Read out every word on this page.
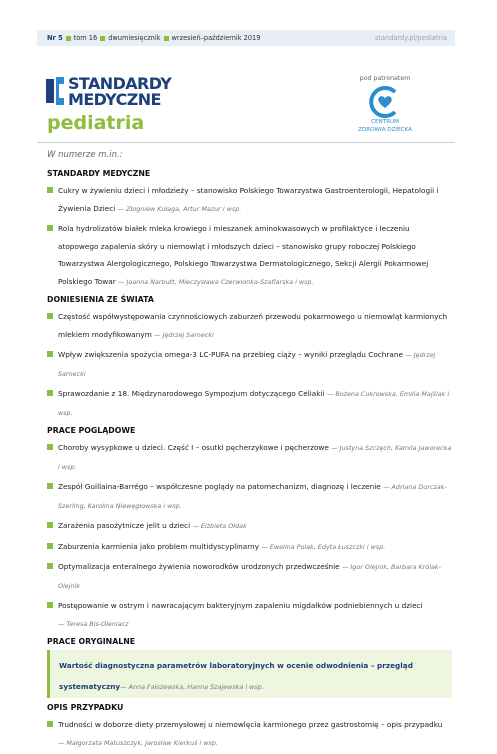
Nr 5 tom 16 dwumiesięcznik wrzesień–październik 2019	standardy.pl/pediatria
STANDARDY
MEDYCZNE
pediatria
pod patronatem
CENTRUM
ZDROWIA DZIECKA
W numerze m.in.:
STANDARDY MEDYCZNE
Cukry w żywieniu dzieci i młodzieży – stanowisko Polskiego Towarzystwa Gastroenterologii, Hepatologii i Żywienia Dzieci — Zbigniew Kułaga, Artur Mazur i wsp.
Rola hydrolizatów białek mleka krowiego i mieszanek aminokwasowych w profilaktyce i leczeniu atopowego zapalenia skóry u niemowląt i młodszych dzieci – stanowisko grupy roboczej Polskiego Towarzystwa Alergologicznego, Polskiego Towarzystwa Dermatologicznego, Sekcji Alergii Pokarmowej Polskiego Towar — Joanna Narbutt, Mieczysława Czerwionka-Szaflarska i wsp.
DONIESIENIA ZE ŚWIATA
Częstość współwystępowania czynnościowych zaburzeń przewodu pokarmowego u niemowląt karmionych mlekiem modyfikowanym — Jędrzej Sarnecki
Wpływ zwiększenia spożycia omega-3 LC-PUFA na przebieg ciąży – wyniki przeglądu Cochrane — Jędrzej Sarnecki
Sprawozdanie z 18. Międzynarodowego Sympozjum dotyczącego Celiakii — Bożena Cukrowska, Emilia Majślak i wsp.
PRACE POGLĄDOWE
Choroby wysypkowe u dzieci. Część I – osutki pęcherzykowe i pęcherzowe — Justyna Szczęch, Kamila Jaworecka i wsp.
Zespół Guillaina-Barrégo – współczesne poglądy na patomechanizm, diagnozę i leczenie — Adriana Durczak-Szerling, Karolina Niewęgłowska i wsp.
Zarażenia pasożytnicze jelit u dzieci — Elżbieta Ołdak
Zaburzenia karmienia jako problem multidyscyplinarny — Ewelina Polak, Edyta Łuszczki i wsp.
Optymalizacja enteralnego żywienia noworodków urodzonych przedwcześnie — Igor Olejnik, Barbara Królak-Olejnik
Postępowanie w ostrym i nawracającym bakteryjnym zapaleniu migdałków podniebiennych u dzieci
— Teresa Bis-Oleniacz
PRACE ORYGINALNE
Wartość diagnostyczna parametrów laboratoryjnych w ocenie odwodnienia – przegląd systematyczny— Anna Fałszewska, Hanna Szajewska i wsp.
OPIS PRZYPADKU
Trudności w doborze diety przemysłowej u niemowlęcia karmionego przez gastrostomię – opis przypadku
— Małgorzata Matuszczyk, Jarosław Kierkuś i wsp.
